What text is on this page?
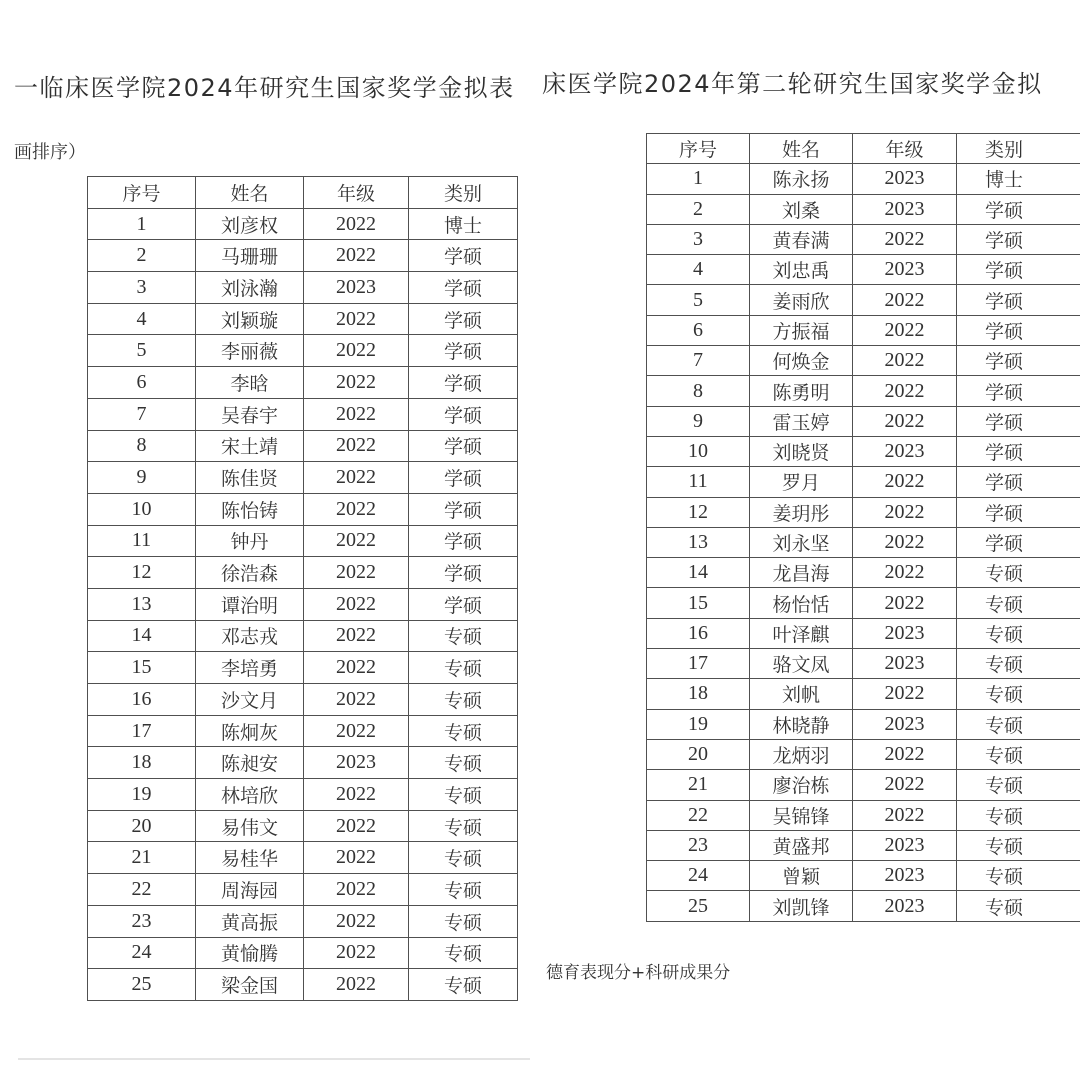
一临床医学院2024年研究生国家奖学金拟表
画排序）
序号	姓名	年级	类别
1	刘彦权	2022	博士
2	马珊珊	2022	学硕
3	刘泳瀚	2023	学硕
4	刘颖璇	2022	学硕
5	李丽薇	2022	学硕
6	李晗	2022	学硕
7	吴春宇	2022	学硕
8	宋土靖	2022	学硕
9	陈佳贤	2022	学硕
10	陈怡铸	2022	学硕
11	钟丹	2022	学硕
12	徐浩森	2022	学硕
13	谭治明	2022	学硕
14	邓志戎	2022	专硕
15	李培勇	2022	专硕
16	沙文月	2022	专硕
17	陈炯灰	2022	专硕
18	陈昶安	2023	专硕
19	林培欣	2022	专硕
20	易伟文	2022	专硕
21	易桂华	2022	专硕
22	周海园	2022	专硕
23	黄高振	2022	专硕
24	黄愉腾	2022	专硕
25	梁金国	2022	专硕
床医学院2024年第二轮研究生国家奖学金拟
序号	姓名	年级	类别
1	陈永扬	2023	博士
2	刘桑	2023	学硕
3	黄春满	2022	学硕
4	刘忠禹	2023	学硕
5	姜雨欣	2022	学硕
6	方振福	2022	学硕
7	何焕金	2022	学硕
8	陈勇明	2022	学硕
9	雷玉婷	2022	学硕
10	刘晓贤	2023	学硕
11	罗月	2022	学硕
12	姜玥彤	2022	学硕
13	刘永坚	2022	学硕
14	龙昌海	2022	专硕
15	杨怡恬	2022	专硕
16	叶泽麒	2023	专硕
17	骆文凤	2023	专硕
18	刘帆	2022	专硕
19	林晓静	2023	专硕
20	龙炳羽	2022	专硕
21	廖治栋	2022	专硕
22	吴锦锋	2022	专硕
23	黄盛邦	2023	专硕
24	曾颖	2023	专硕
25	刘凯锋	2023	专硕
德育表现分+科研成果分
